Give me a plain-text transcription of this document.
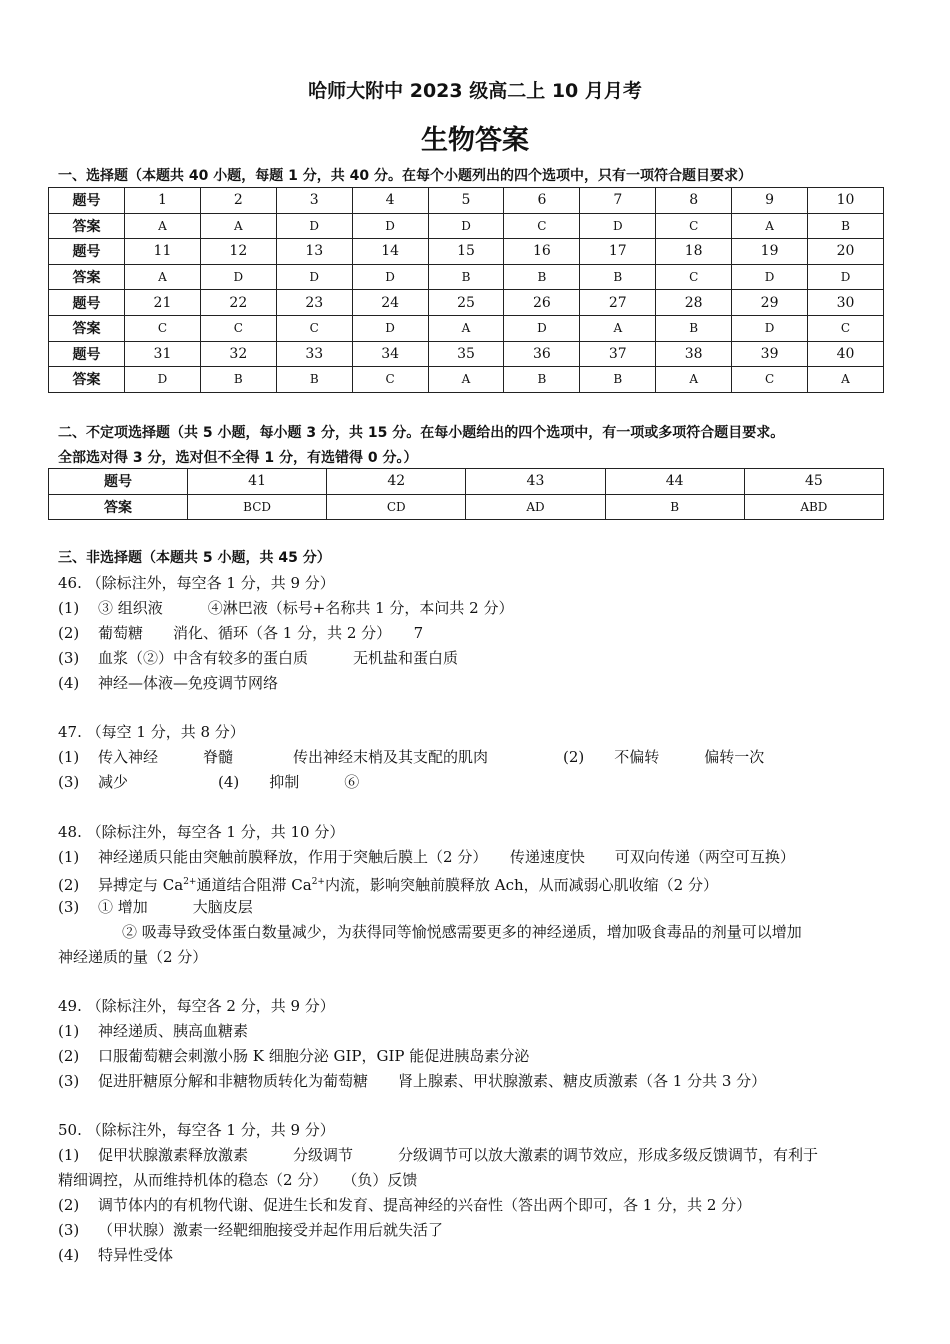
哈师大附中 2023 级高二上 10 月月考
生物答案
一、选择题（本题共 40 小题，每题 1 分，共 40 分。在每个小题列出的四个选项中，只有一项符合题目要求）
题号	1	2	3	4	5	6	7	8	9	10
答案	A	A	D	D	D	C	D	C	A	B
题号	11	12	13	14	15	16	17	18	19	20
答案	A	D	D	D	B	B	B	C	D	D
题号	21	22	23	24	25	26	27	28	29	30
答案	C	C	C	D	A	D	A	B	D	C
题号	31	32	33	34	35	36	37	38	39	40
答案	D	B	B	C	A	B	B	A	C	A
二、不定项选择题（共 5 小题，每小题 3 分，共 15 分。在每小题给出的四个选项中，有一项或多项符合题目要求。
全部选对得 3 分，选对但不全得 1 分，有选错得 0 分。）
题号	41	42	43	44	45
答案	BCD	CD	AD	B	ABD
三、非选择题（本题共 5 小题，共 45 分）
46. （除标注外，每空各 1 分，共 9 分）
(1) ③ 组织液　　　④淋巴液（标号+名称共 1 分，本问共 2 分）
(2) 葡萄糖　　消化、循环（各 1 分，共 2 分）　　7
(3) 血浆（②）中含有较多的蛋白质　　　无机盐和蛋白质
(4) 神经—体液—免疫调节网络
47. （每空 1 分，共 8 分）
(1) 传入神经　　　脊髓　　　　传出神经末梢及其支配的肌肉　　　　　(2)　　不偏转　　　偏转一次
(3) 减少　　　　　　(4)　　抑制　　　⑥
48. （除标注外，每空各 1 分，共 10 分）
(1) 神经递质只能由突触前膜释放，作用于突触后膜上（2 分）　　传递速度快　　可双向传递（两空可互换）
(2) 异搏定与 $Ca^{2+}$通道结合阻滞 $Ca^{2+}$内流，影响突触前膜释放 Ach，从而减弱心肌收缩（2 分）
(3) ① 增加　　　大脑皮层
② 吸毒导致受体蛋白数量减少，为获得同等愉悦感需要更多的神经递质，增加吸食毒品的剂量可以增加
神经递质的量（2 分）
49. （除标注外，每空各 2 分，共 9 分）
(1) 神经递质、胰高血糖素
(2) 口服葡萄糖会刺激小肠 K 细胞分泌 GIP，GIP 能促进胰岛素分泌
(3) 促进肝糖原分解和非糖物质转化为葡萄糖　　肾上腺素、甲状腺激素、糖皮质激素（各 1 分共 3 分）
50. （除标注外，每空各 1 分，共 9 分）
(1) 促甲状腺激素释放激素　　　分级调节　　　分级调节可以放大激素的调节效应，形成多级反馈调节，有利于
精细调控，从而维持机体的稳态（2 分）　　（负）反馈
(2) 调节体内的有机物代谢、促进生长和发育、提高神经的兴奋性（答出两个即可，各 1 分，共 2 分）
(3) （甲状腺）激素一经靶细胞接受并起作用后就失活了
(4) 特异性受体
